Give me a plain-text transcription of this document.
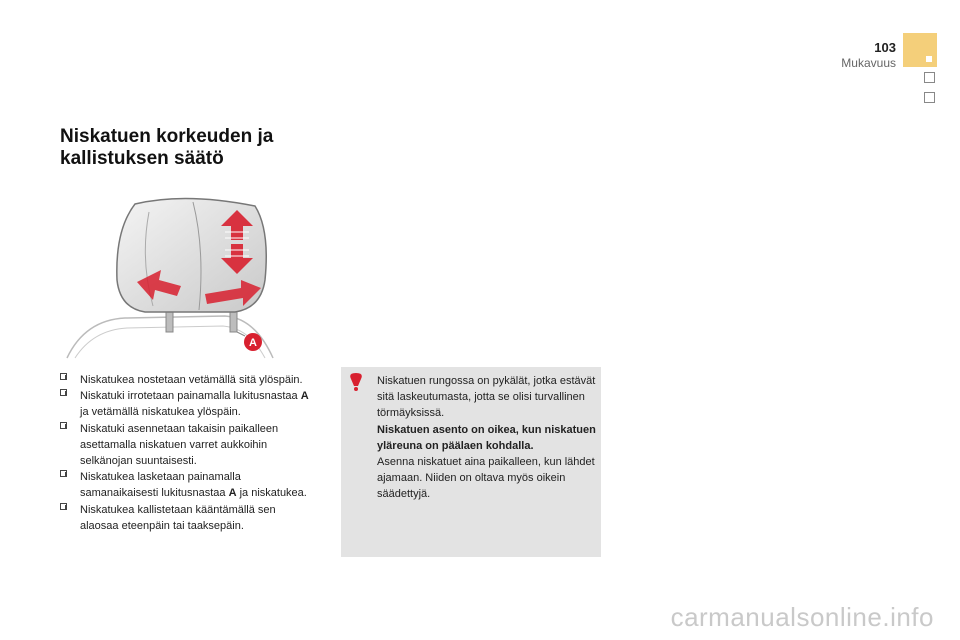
103
Mukavuus
Niskatuen korkeuden ja kallistuksen säätö
A
Niskatukea nostetaan vetämällä sitä ylöspäin.
Niskatuki irrotetaan painamalla lukitusnastaa A ja vetämällä niskatukea ylöspäin.
Niskatuki asennetaan takaisin paikalleen asettamalla niskatuen varret aukkoihin selkänojan suuntaisesti.
Niskatukea lasketaan painamalla samanaikaisesti lukitusnastaa A ja niskatukea.
Niskatukea kallistetaan kääntämällä sen alaosaa eteenpäin tai taaksepäin.

Niskatuen rungossa on pykälät, jotka estävät sitä laskeutumasta, jotta se olisi turvallinen törmäyksissä.

Niskatuen asento on oikea, kun niskatuen yläreuna on päälaen kohdalla.

Asenna niskatuet aina paikalleen, kun lähdet ajamaan. Niiden on oltava myös oikein säädettyjä.

carmanualsonline.info
